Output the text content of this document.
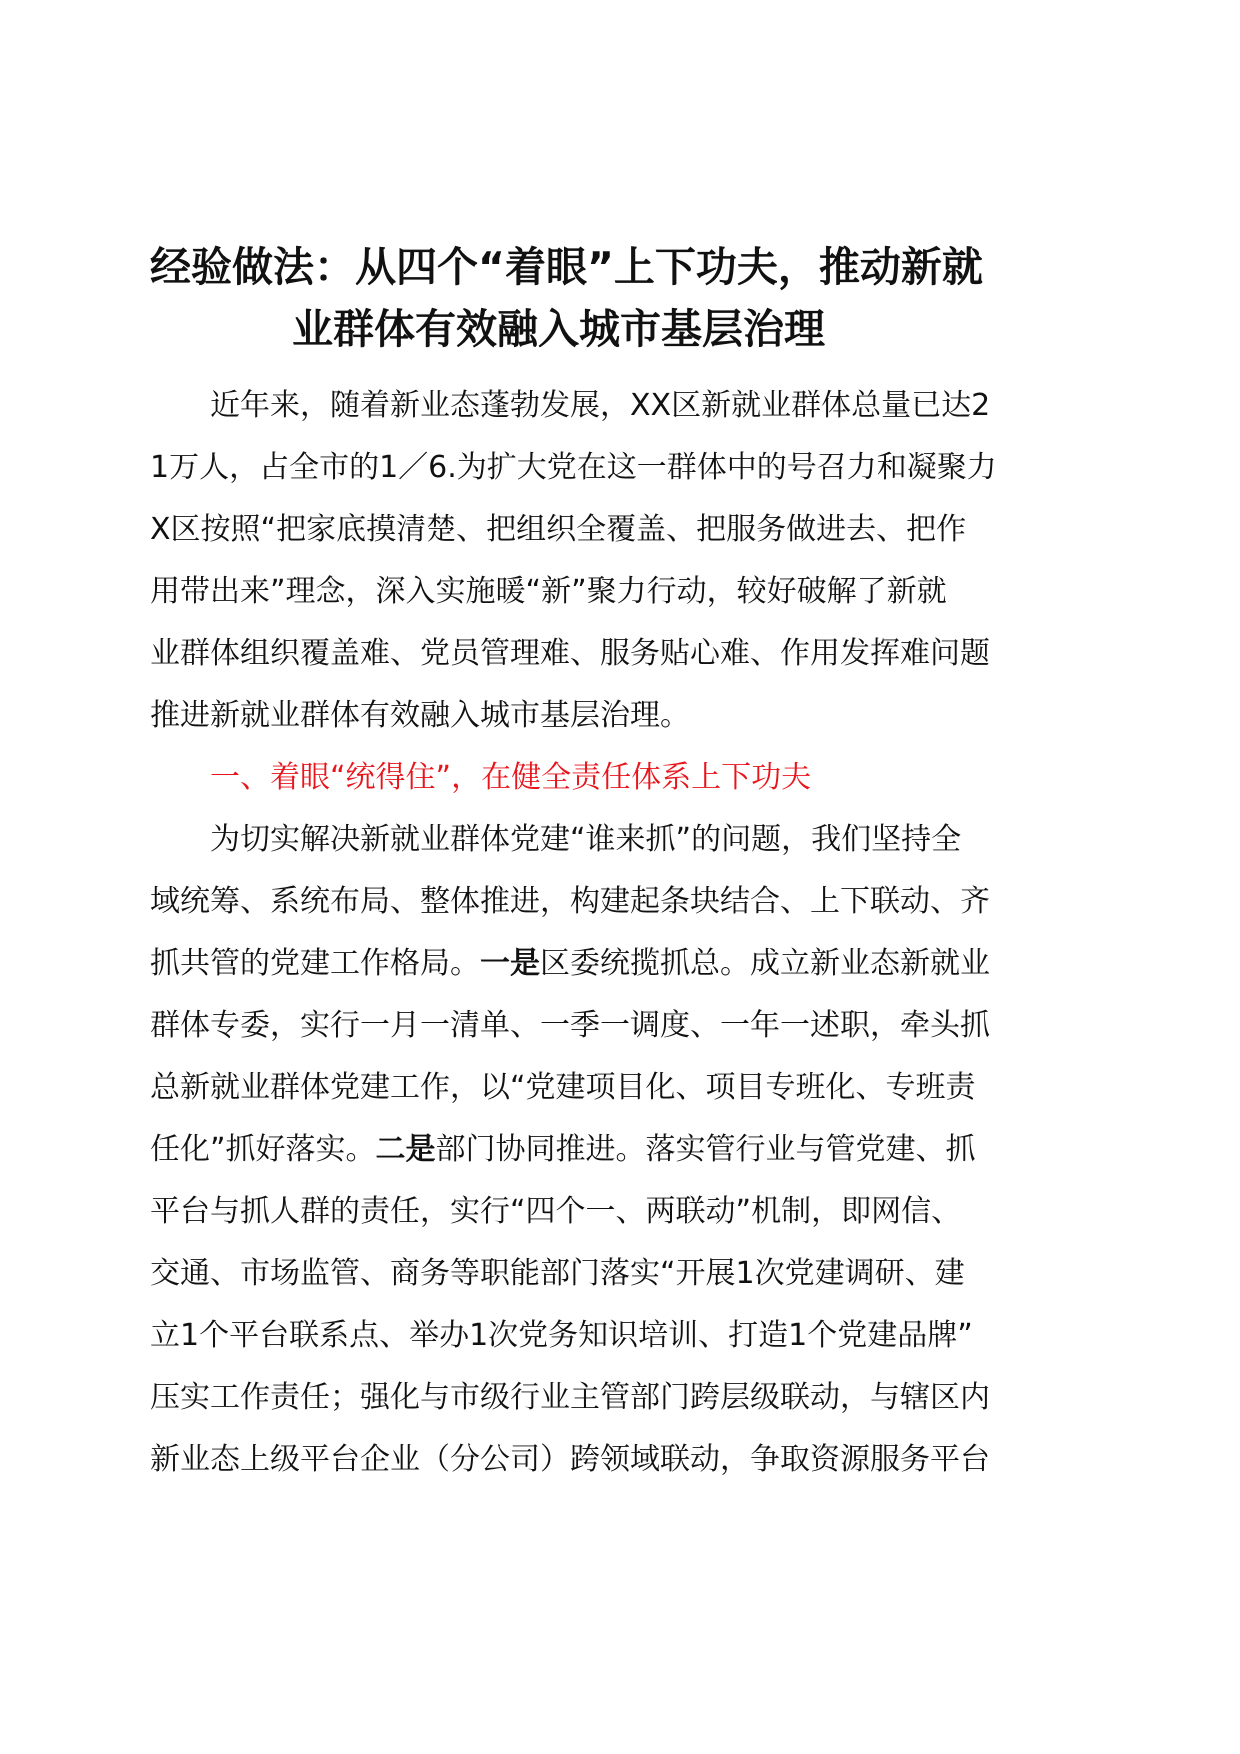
经验做法：从四个“着眼”上下功夫，推动新就
业群体有效融入城市基层治理

近年来，随着新业态蓬勃发展，XX区新就业群体总量已达2
1万人，占全市的1／6.为扩大党在这一群体中的号召力和凝聚力
X区按照“把家底摸清楚、把组织全覆盖、把服务做进去、把作
用带出来”理念，深入实施暖“新”聚力行动，较好破解了新就
业群体组织覆盖难、党员管理难、服务贴心难、作用发挥难问题
推进新就业群体有效融入城市基层治理。

一、着眼“统得住”，在健全责任体系上下功夫

为切实解决新就业群体党建“谁来抓”的问题，我们坚持全
域统筹、系统布局、整体推进，构建起条块结合、上下联动、齐
抓共管的党建工作格局。一是区委统揽抓总。成立新业态新就业
群体专委，实行一月一清单、一季一调度、一年一述职，牵头抓
总新就业群体党建工作，以“党建项目化、项目专班化、专班责
任化”抓好落实。二是部门协同推进。落实管行业与管党建、抓
平台与抓人群的责任，实行“四个一、两联动”机制，即网信、
交通、市场监管、商务等职能部门落实“开展1次党建调研、建
立1个平台联系点、举办1次党务知识培训、打造1个党建品牌”
压实工作责任；强化与市级行业主管部门跨层级联动，与辖区内
新业态上级平台企业（分公司）跨领域联动，争取资源服务平台
